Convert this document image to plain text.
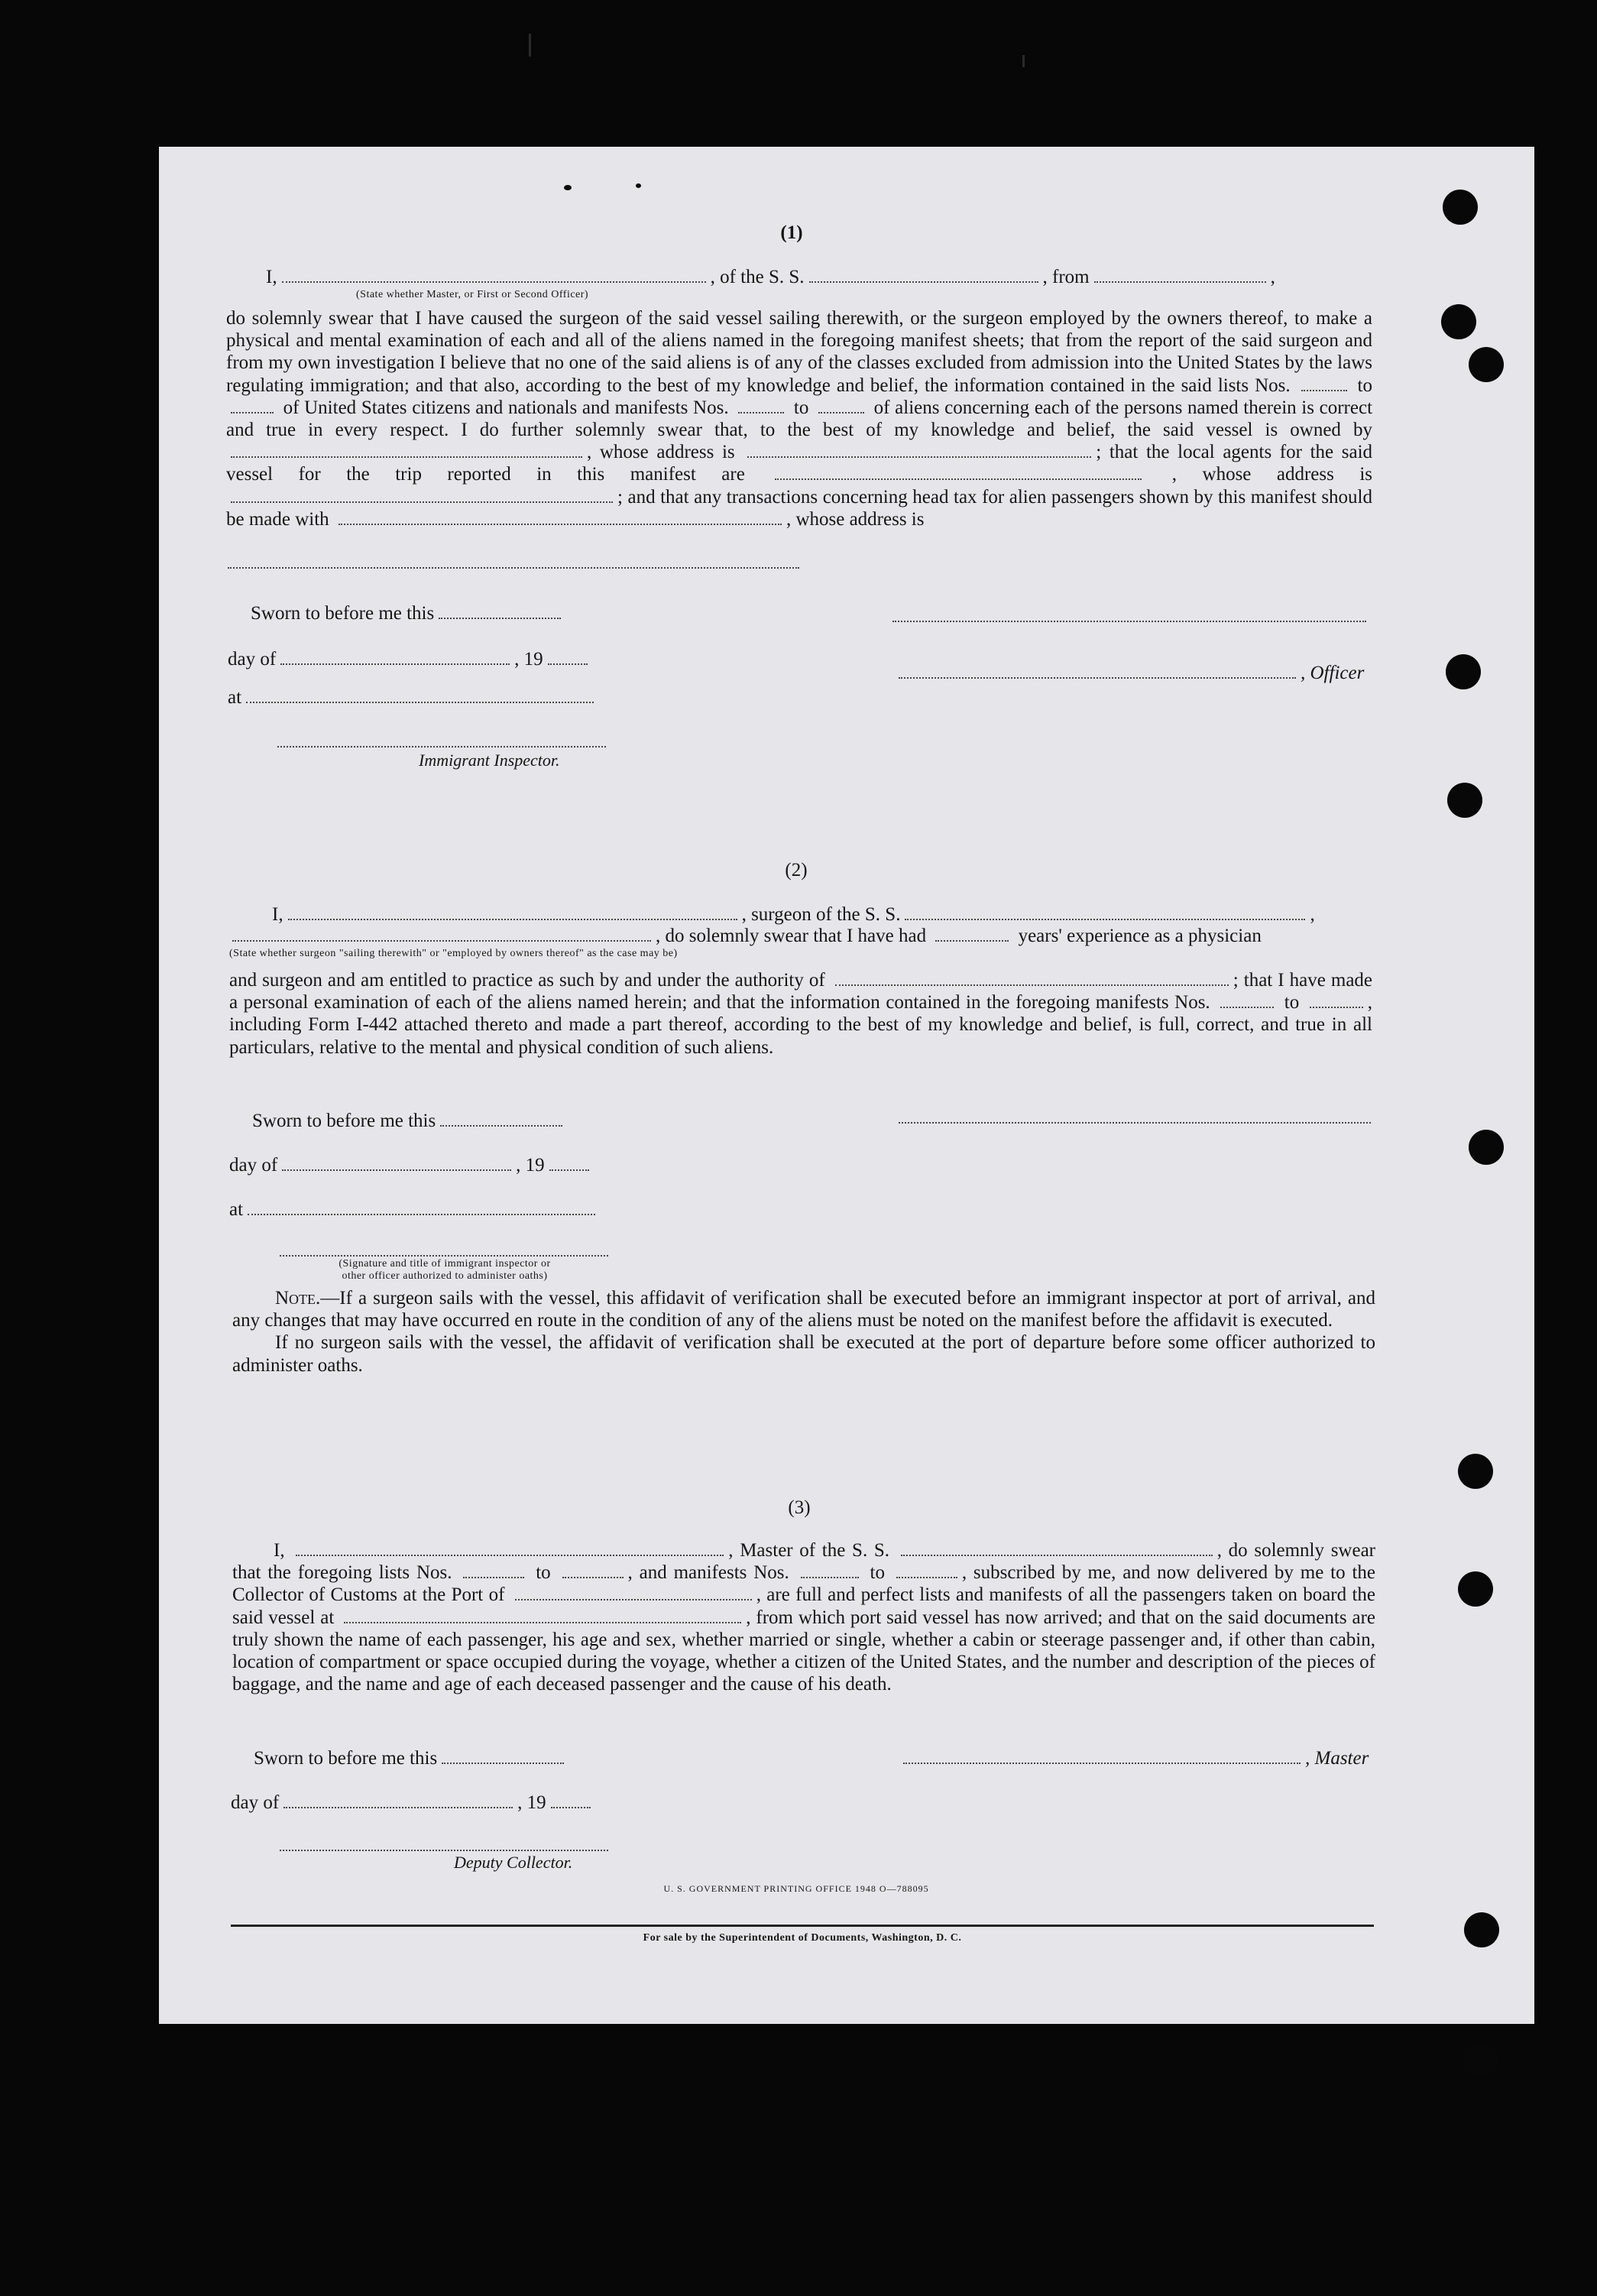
(1)
I,	, of the S. S.	, from	,
(State whether Master, or First or Second Officer)

do solemnly swear that I have caused the surgeon of the said vessel sailing therewith, or the surgeon employed by the owners thereof, to make a physical and mental examination of each and all of the aliens named in the foregoing manifest sheets; that from the report of the said surgeon and from my own investigation I believe that no one of the said aliens is of any of the classes excluded from admission into the United States by the laws regulating immigration; and that also, according to the best of my knowledge and belief, the information contained in the said lists Nos.	to  of United States citizens and nationals and manifests Nos.	to	of aliens concerning each of the persons named therein is correct and true in every respect. I do further solemnly swear that, to the best of my knowledge and belief, the said vessel is owned by , whose address is	; that the local agents for the said vessel for the trip reported in this manifest are	, whose address is ; and that any transactions concerning head tax for alien passengers shown by this manifest should be made with	, whose address is

Sworn to before me this
day of	, 19
, Officer
at
Immigrant Inspector.
(2)
I,	, surgeon of the S. S.	,
, do solemnly swear that I have had	years' experience as a physician
(State whether surgeon "sailing therewith" or "employed by owners thereof" as the case may be)

and surgeon and am entitled to practice as such by and under the authority of	; that I have made a personal examination of each of the aliens named herein; and that the information contained in the foregoing manifests Nos.	to	, including Form I-442 attached thereto and made a part thereof, according to the best of my knowledge and belief, is full, correct, and true in all particulars, relative to the mental and physical condition of such aliens.

Sworn to before me this
day of	, 19
at
(Signature and title of immigrant inspector or
other officer authorized to administer oaths)

Note.—If a surgeon sails with the vessel, this affidavit of verification shall be executed before an immigrant inspector at port of arrival, and any changes that may have occurred en route in the condition of any of the aliens must be noted on the manifest before the affidavit is executed.

If no surgeon sails with the vessel, the affidavit of verification shall be executed at the port of departure before some officer authorized to administer oaths.

(3)

I,	, Master of the S. S.	, do solemnly swear that the foregoing lists Nos.	to	, and manifests Nos.	to	, subscribed by me, and now delivered by me to the Collector of Customs at the Port of	, are full and perfect lists and manifests of all the passengers taken on board the said vessel at	, from which port said vessel has now arrived; and that on the said documents are truly shown the name of each passenger, his age and sex, whether married or single, whether a cabin or steerage passenger and, if other than cabin, location of compartment or space occupied during the voyage, whether a citizen of the United States, and the number and description of the pieces of baggage, and the name and age of each deceased passenger and the cause of his death.

Sworn to before me this	, Master
day of	, 19
Deputy Collector.
U. S. GOVERNMENT PRINTING OFFICE 1948 O—788095
For sale by the Superintendent of Documents, Washington, D. C.
